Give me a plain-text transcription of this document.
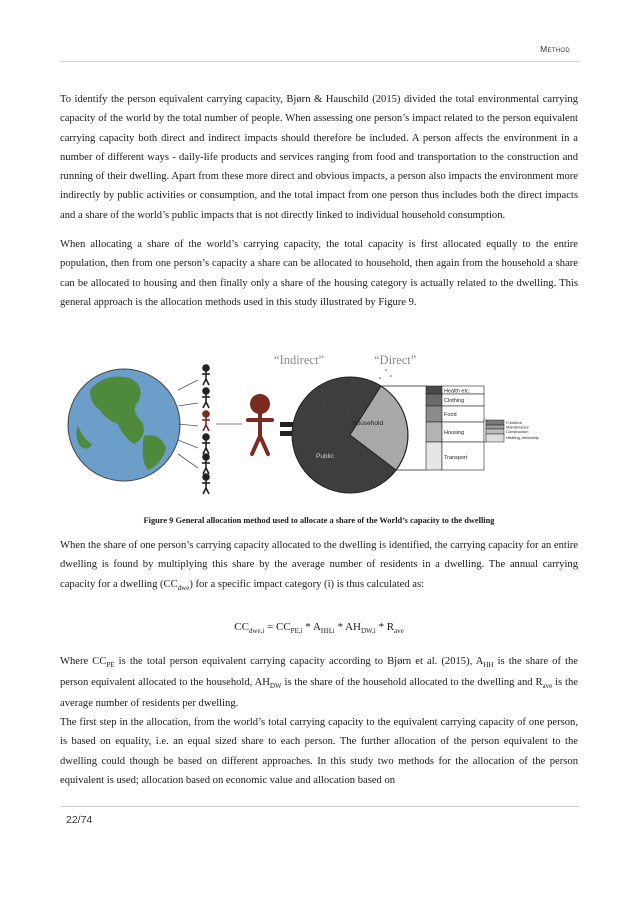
Method

To identify the person equivalent carrying capacity, Bjørn & Hauschild (2015) divided the total environmental carrying capacity of the world by the total number of people. When assessing one person’s impact related to the person equivalent carrying capacity both direct and indirect impacts should therefore be included. A person affects the environment in a number of different ways - daily-life products and services ranging from food and transportation to the construction and running of their dwelling. Apart from these more direct and obvious impacts, a person also impacts the environment more indirectly by public activities or consumption, and the total impact from one person thus includes both the direct impacts and a share of the world’s public impacts that is not directly linked to individual household consumption.

When allocating a share of the world’s carrying capacity, the total capacity is first allocated equally to the entire population, then from one person’s capacity a share can be allocated to household, then again from the household a share can be allocated to housing and then finally only a share of the housing category is actually related to the dwelling. This general approach is the allocation methods used in this study illustrated by Figure 9.

“Indirect”	“Direct”
Public
Household
Health etc.
Clothing
Food
Housing
Transport
Furniture
Maintenance
Construction
Heating, electricity
Figure 9 General allocation method used to allocate a share of the World’s capacity to the dwelling

When the share of one person’s carrying capacity allocated to the dwelling is identified, the carrying capacity for an entire dwelling is found by multiplying this share by the average number of residents in a dwelling. The annual carrying capacity for a dwelling $(CC_{dwe})$ for a specific impact category (i) is thus calculated as:

$CC_{dwe,i} = CC_{PE,i} * A_{HH,i} * AH_{DW,i} * R_{ave}$

Where $CC_{PE}$ is the total person equivalent carrying capacity according to Bjørn et al. (2015), $A_{HH}$ is the share of the person equivalent allocated to the household, $AH_{DW}$ is the share of the household allocated to the dwelling and $R_{ave}$ is the average number of residents per dwelling.

The first step in the allocation, from the world’s total carrying capacity to the equivalent carrying capacity of one person, is based on equality, i.e. an equal sized share to each person. The further allocation of the person equivalent to the dwelling could though be based on different approaches. In this study two methods for the allocation of the person equivalent is used; allocation based on economic value and allocation based on

22/74
